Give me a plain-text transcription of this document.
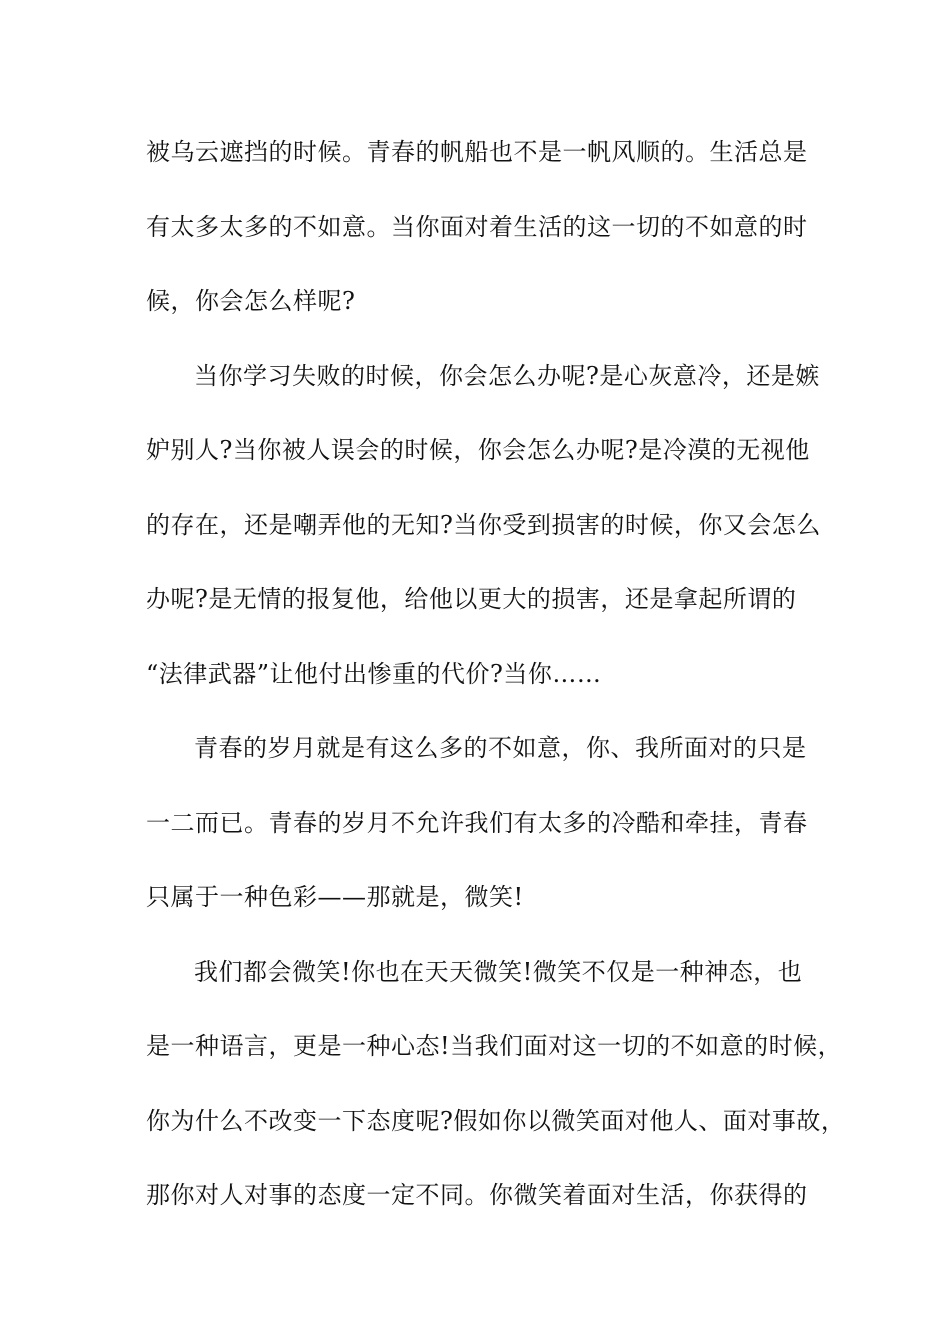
被乌云遮挡的时候。青春的帆船也不是一帆风顺的。生活总是
有太多太多的不如意。当你面对着生活的这一切的不如意的时
候，你会怎么样呢?
当你学习失败的时候，你会怎么办呢?是心灰意冷，还是嫉
妒别人?当你被人误会的时候，你会怎么办呢?是冷漠的无视他
的存在，还是嘲弄他的无知?当你受到损害的时候，你又会怎么
办呢?是无情的报复他，给他以更大的损害，还是拿起所谓的
“法律武器”让他付出惨重的代价?当你……
青春的岁月就是有这么多的不如意，你、我所面对的只是
一二而已。青春的岁月不允许我们有太多的冷酷和牵挂，青春
只属于一种色彩——那就是，微笑!
我们都会微笑!你也在天天微笑!微笑不仅是一种神态，也
是一种语言，更是一种心态!当我们面对这一切的不如意的时候，
你为什么不改变一下态度呢?假如你以微笑面对他人、面对事故，
那你对人对事的态度一定不同。你微笑着面对生活，你获得的
